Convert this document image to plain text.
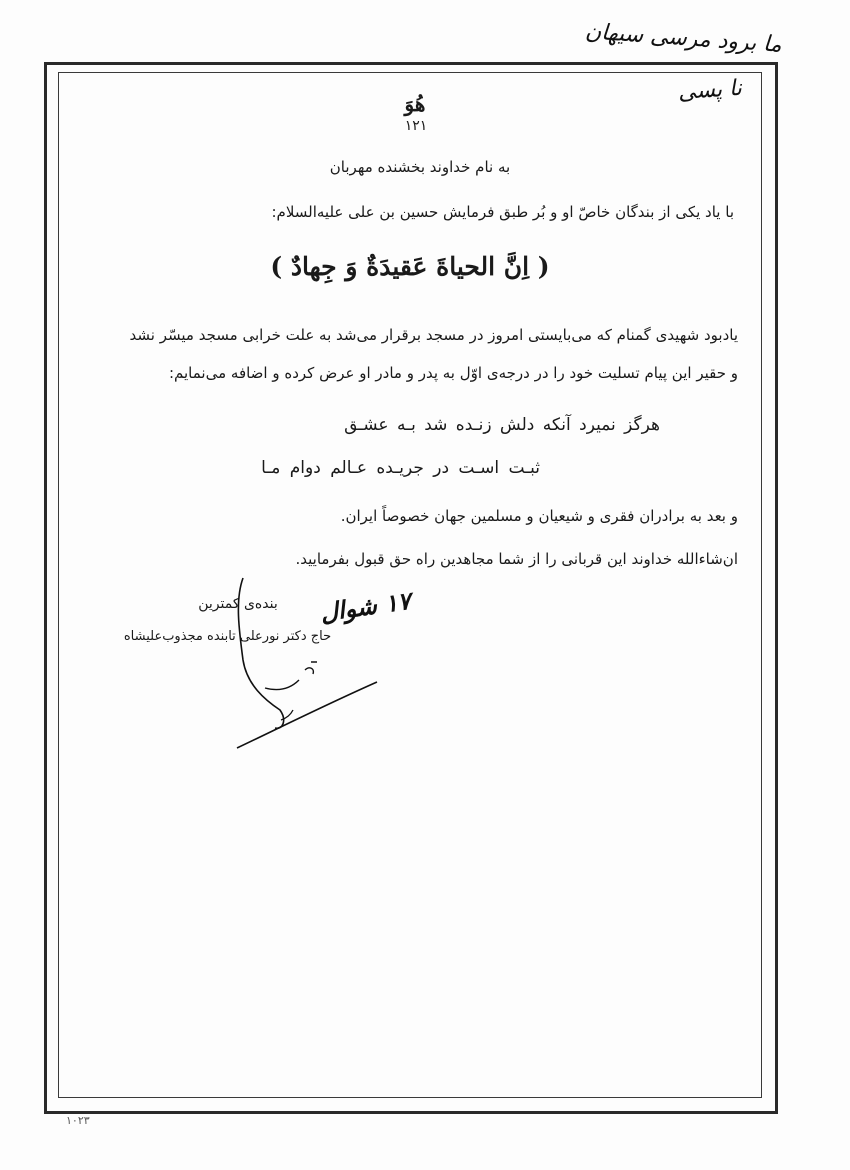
ما برود مرسی سیهان
نا پسی
هُوَ
۱۲۱
به نام خداوند بخشنده مهربان
با یاد یکی از بندگان خاصّ او و بُر طبق فرمایش حسین بن علی علیه‌السلام:
( اِنَّ الحیاةَ عَقیدَةٌ وَ جِهادٌ )
یادبود شهیدی گمنام که می‌بایستی امروز در مسجد برقرار می‌شد به علت خرابی مسجد میسّر نشد
و حقیر این پیام تسلیت خود را در درجه‌ی اوّل به پدر و مادر او عرض کرده و اضافه می‌نمایم:
هرگز نمیرد آنکه دلش زنـده شد بـه عشـق
ثبـت اسـت در جریـده عـالم دوام مـا
و بعد به برادران فقری و شیعیان و مسلمین جهان خصوصاً ایران.
ان‌شاءالله خداوند این قربانی را از شما مجاهدین راه حق قبول بفرمایید.
بنده‌ی کمترین
حاج دکتر نورعلی تابنده مجذوب‌علیشاه
۱۷ شوال
۱۰۲۳
